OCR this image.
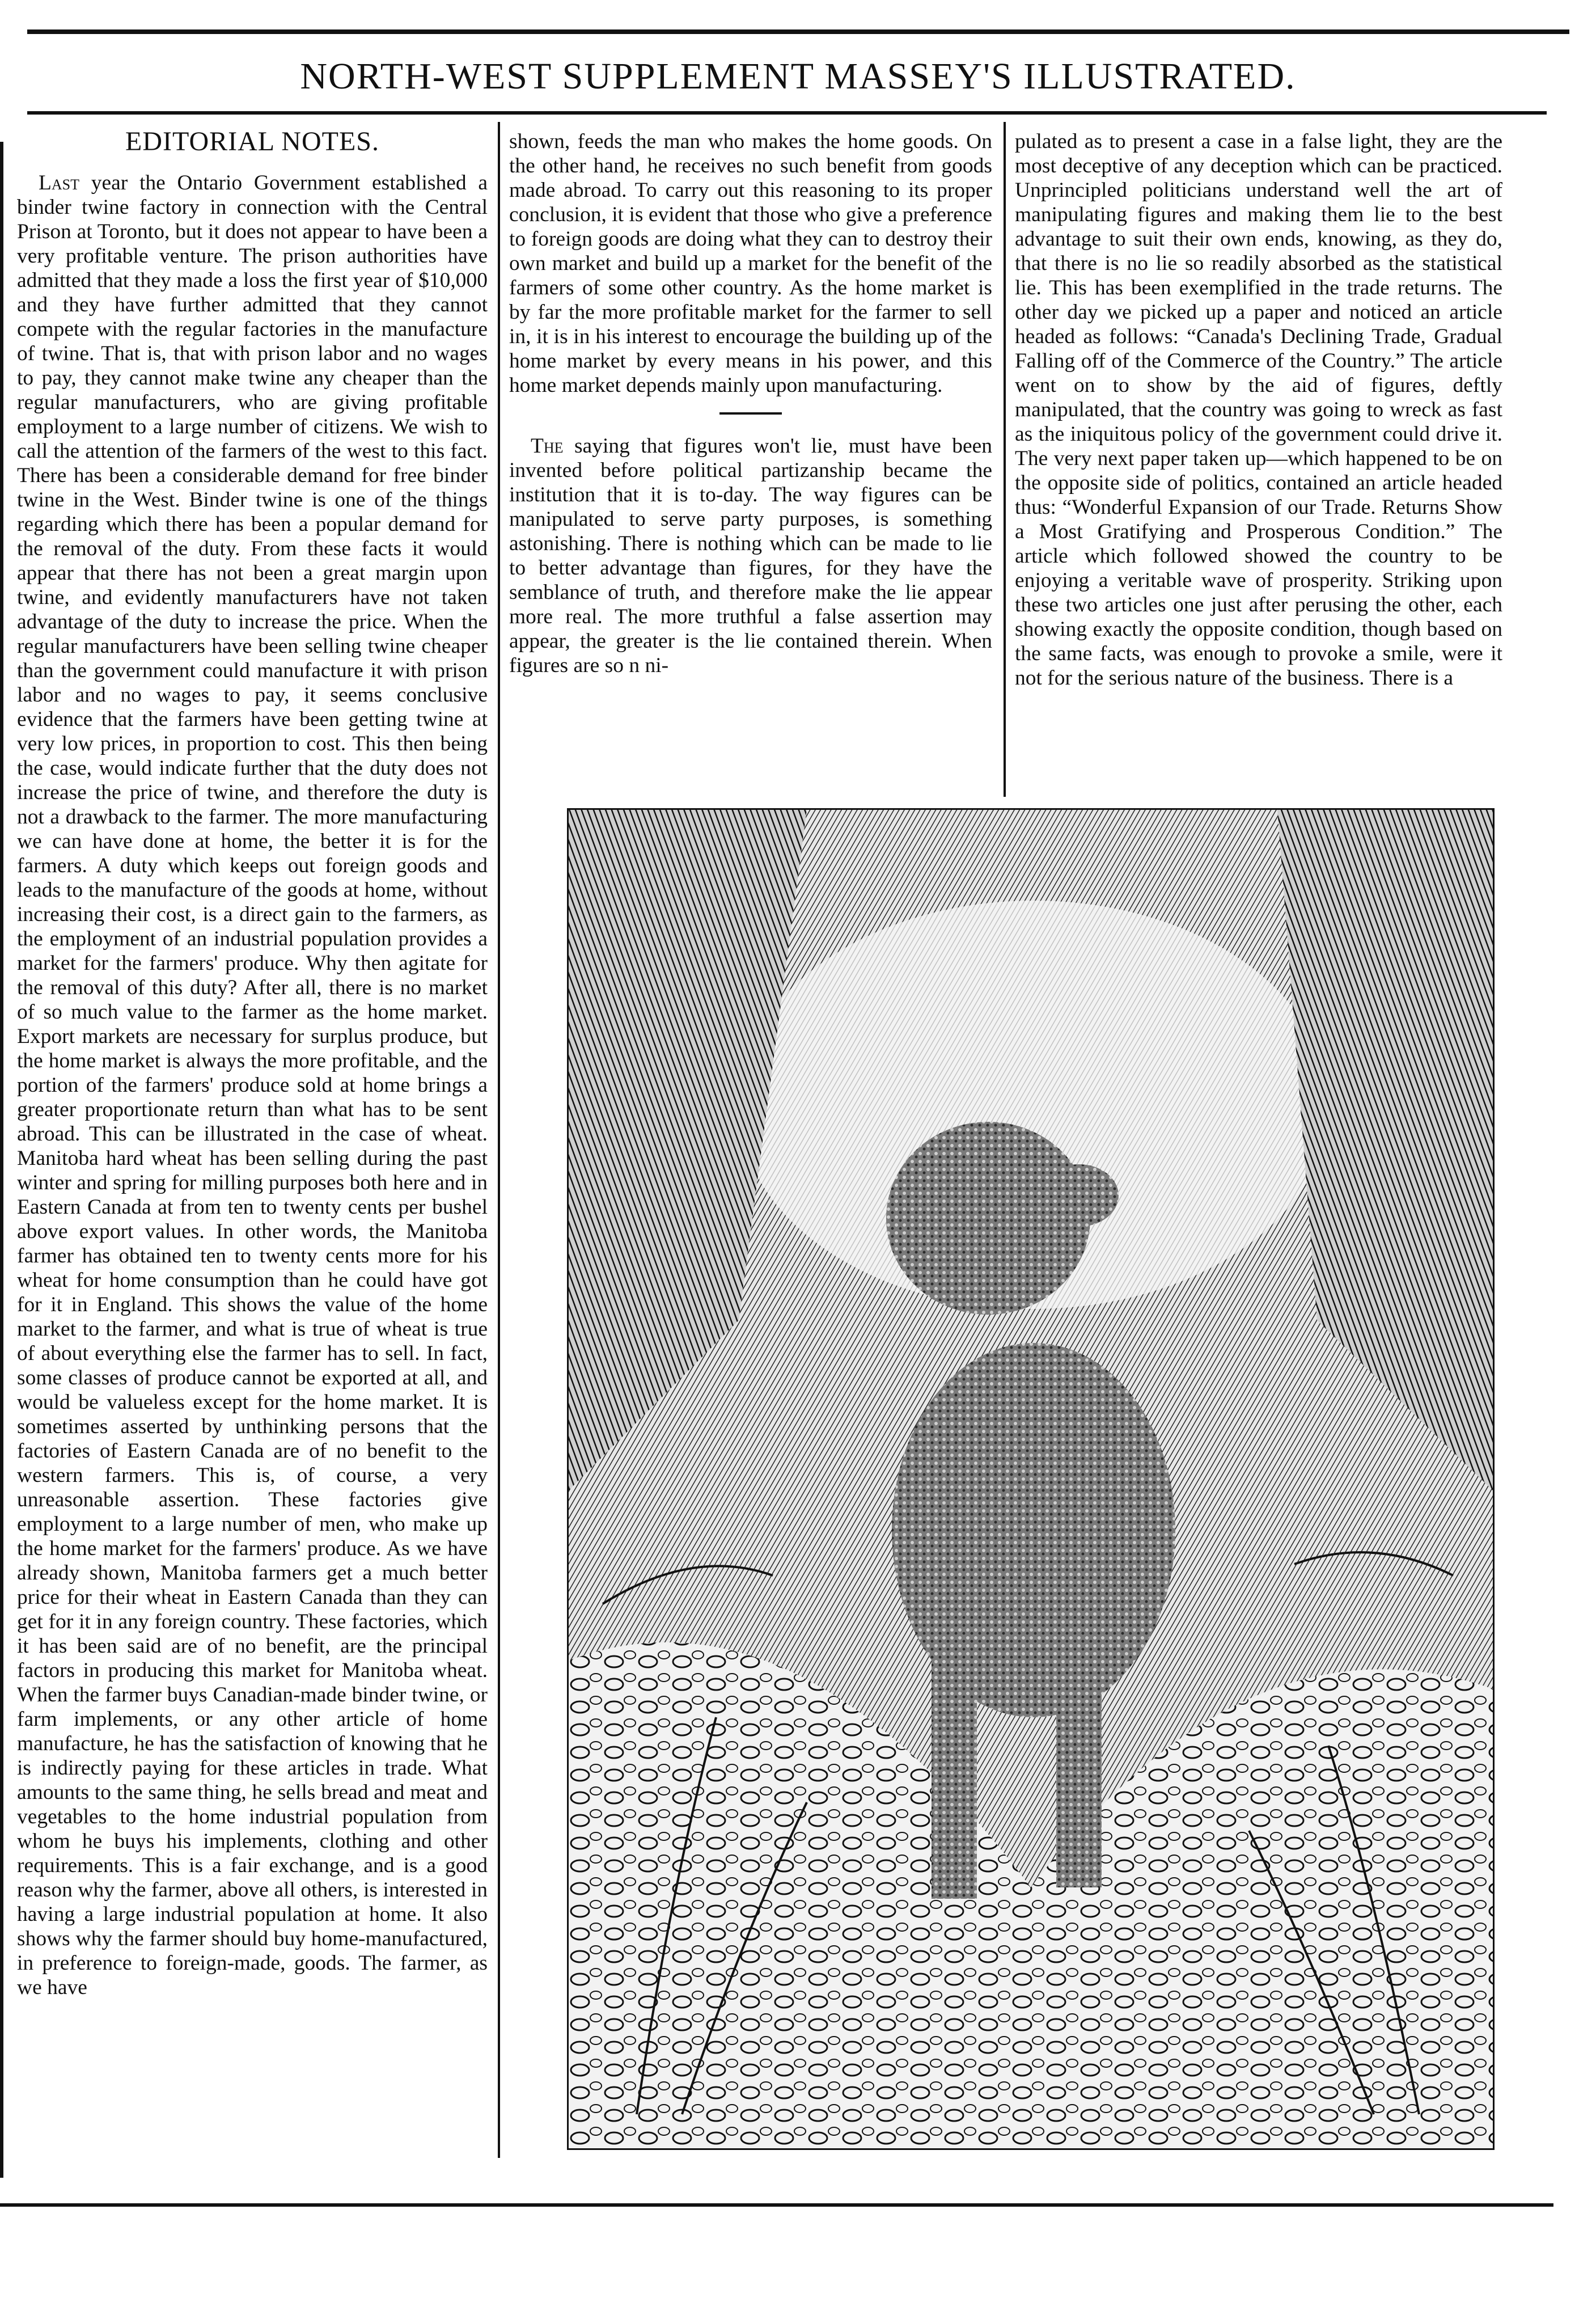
NORTH-WEST SUPPLEMENT MASSEY'S ILLUSTRATED.
EDITORIAL NOTES.

Last year the Ontario Government established a binder twine factory in connection with the Central Prison at Toronto, but it does not appear to have been a very profitable venture. The prison authorities have admitted that they made a loss the first year of $10,000 and they have further admitted that they cannot compete with the regular factories in the manufacture of twine. That is, that with prison labor and no wages to pay, they cannot make twine any cheaper than the regular manufacturers, who are giving profitable employment to a large number of citizens. We wish to call the attention of the farmers of the west to this fact. There has been a considerable demand for free binder twine in the West. Binder twine is one of the things regarding which there has been a popular demand for the removal of the duty. From these facts it would appear that there has not been a great margin upon twine, and evidently manufacturers have not taken advantage of the duty to increase the price. When the regular manufacturers have been selling twine cheaper than the government could manufacture it with prison labor and no wages to pay, it seems conclusive evidence that the farmers have been getting twine at very low prices, in proportion to cost. This then being the case, would indicate further that the duty does not increase the price of twine, and therefore the duty is not a drawback to the farmer. The more manufacturing we can have done at home, the better it is for the farmers. A duty which keeps out foreign goods and leads to the manufacture of the goods at home, without increasing their cost, is a direct gain to the farmers, as the employment of an industrial population provides a market for the farmers' produce. Why then agitate for the removal of this duty? After all, there is no market of so much value to the farmer as the home market. Export markets are necessary for surplus produce, but the home market is always the more profitable, and the portion of the farmers' produce sold at home brings a greater proportionate return than what has to be sent abroad. This can be illustrated in the case of wheat. Manitoba hard wheat has been selling during the past winter and spring for milling purposes both here and in Eastern Canada at from ten to twenty cents per bushel above export values. In other words, the Manitoba farmer has obtained ten to twenty cents more for his wheat for home consumption than he could have got for it in England. This shows the value of the home market to the farmer, and what is true of wheat is true of about everything else the farmer has to sell. In fact, some classes of produce cannot be exported at all, and would be valueless except for the home market. It is sometimes asserted by unthinking persons that the factories of Eastern Canada are of no benefit to the western farmers. This is, of course, a very unreasonable assertion. These factories give employment to a large number of men, who make up the home market for the farmers' produce. As we have already shown, Manitoba farmers get a much better price for their wheat in Eastern Canada than they can get for it in any foreign country. These factories, which it has been said are of no benefit, are the principal factors in producing this market for Manitoba wheat. When the farmer buys Canadian-made binder twine, or farm implements, or any other article of home manufacture, he has the satisfaction of knowing that he is indirectly paying for these articles in trade. What amounts to the same thing, he sells bread and meat and vegetables to the home industrial population from whom he buys his implements, clothing and other requirements. This is a fair exchange, and is a good reason why the farmer, above all others, is interested in having a large industrial population at home. It also shows why the farmer should buy home-manufactured, in preference to foreign-made, goods. The farmer, as we have

shown, feeds the man who makes the home goods. On the other hand, he receives no such benefit from goods made abroad. To carry out this reasoning to its proper conclusion, it is evident that those who give a preference to foreign goods are doing what they can to destroy their own market and build up a market for the benefit of the farmers of some other country. As the home market is by far the more profitable market for the farmer to sell in, it is in his interest to encourage the building up of the home market by every means in his power, and this home market depends mainly upon manufacturing.

The saying that figures won't lie, must have been invented before political partizanship became the institution that it is to-day. The way figures can be manipulated to serve party purposes, is something astonishing. There is nothing which can be made to lie to better advantage than figures, for they have the semblance of truth, and therefore make the lie appear more real. The more truthful a false assertion may appear, the greater is the lie contained therein. When figures are so n ni-

pulated as to present a case in a false light, they are the most deceptive of any deception which can be practiced. Unprincipled politicians understand well the art of manipulating figures and making them lie to the best advantage to suit their own ends, knowing, as they do, that there is no lie so readily absorbed as the statistical lie. This has been exemplified in the trade returns. The other day we picked up a paper and noticed an article headed as follows: “Canada's Declining Trade, Gradual Falling off of the Commerce of the Country.” The article went on to show by the aid of figures, deftly manipulated, that the country was going to wreck as fast as the iniquitous policy of the government could drive it. The very next paper taken up—which happened to be on the opposite side of politics, contained an article headed thus: “Wonderful Expansion of our Trade. Returns Show a Most Gratifying and Prosperous Condition.” The article which followed showed the country to be enjoying a veritable wave of prosperity. Striking upon these two articles one just after perusing the other, each showing exactly the opposite condition, though based on the same facts, was enough to provoke a smile, were it not for the serious nature of the business. There is a
